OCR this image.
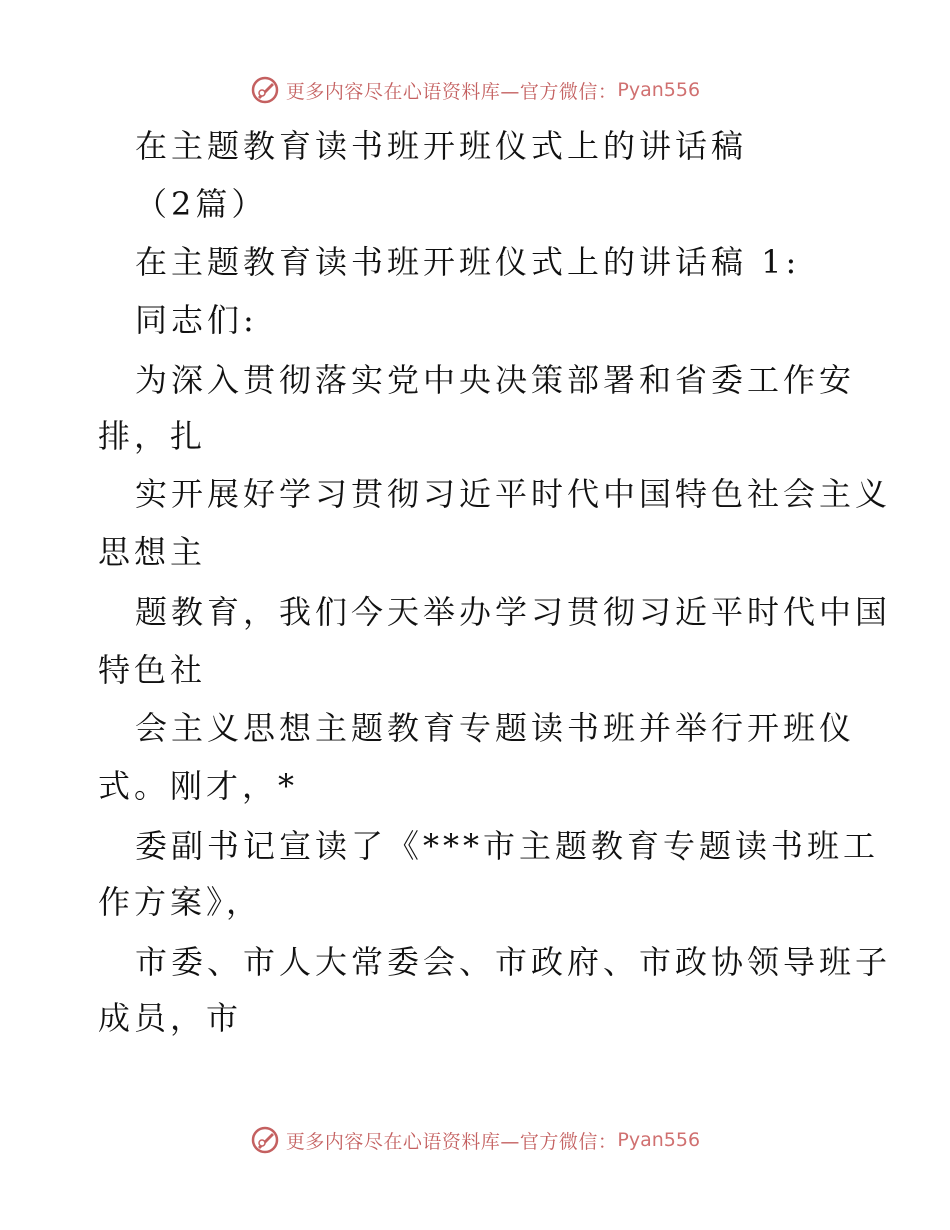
更多内容尽在心语资料库—官方微信： Pyan556
在主题教育读书班开班仪式上的讲话稿
（2篇）
在主题教育读书班开班仪式上的讲话稿 1:
同志们:
为深入贯彻落实党中央决策部署和省委工作安
排，扎
实开展好学习贯彻习近平时代中国特色社会主义
思想主
题教育，我们今天举办学习贯彻习近平时代中国
特色社
会主义思想主题教育专题读书班并举行开班仪
式。刚才，*
委副书记宣读了《***市主题教育专题读书班工
作方案》，
市委、市人大常委会、市政府、市政协领导班子
成员，市
更多内容尽在心语资料库—官方微信： Pyan556
